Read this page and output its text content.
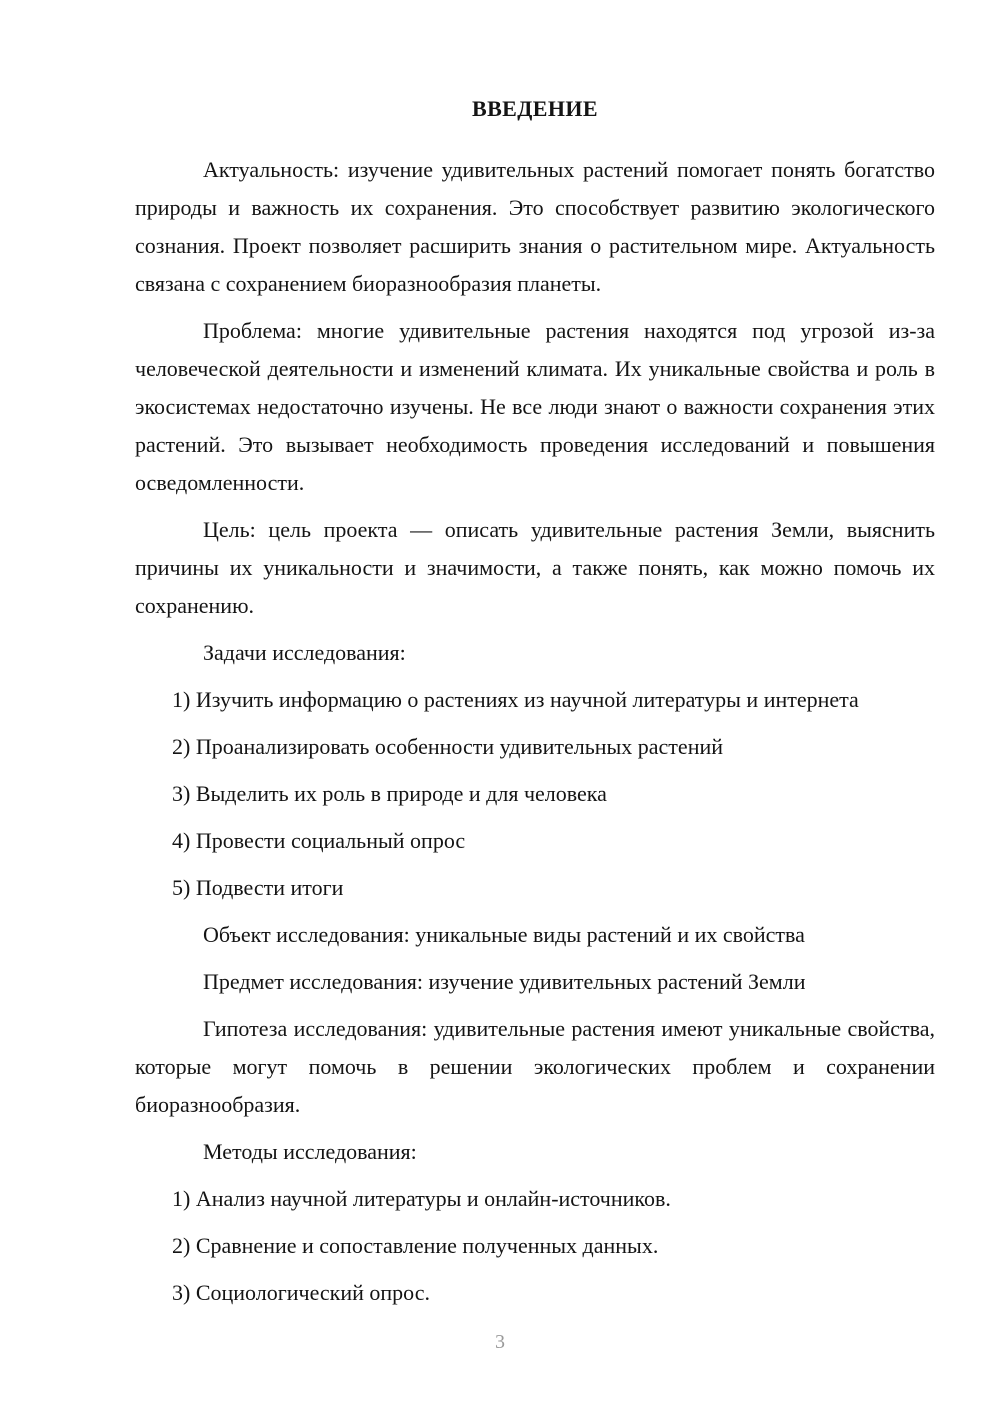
ВВЕДЕНИЕ

Актуальность: изучение удивительных растений помогает понять богатство природы и важность их сохранения. Это способствует развитию экологического сознания. Проект позволяет расширить знания о растительном мире. Актуальность связана с сохранением биоразнообразия планеты.

Проблема: многие удивительные растения находятся под угрозой из-за человеческой деятельности и изменений климата. Их уникальные свойства и роль в экосистемах недостаточно изучены. Не все люди знают о важности сохранения этих растений. Это вызывает необходимость проведения исследований и повышения осведомленности.

Цель: цель проекта — описать удивительные растения Земли, выяснить причины их уникальности и значимости, а также понять, как можно помочь их сохранению.

Задачи исследования:

1) Изучить информацию о растениях из научной литературы и интернета

2) Проанализировать особенности удивительных растений

3) Выделить их роль в природе и для человека

4) Провести социальный опрос

5) Подвести итоги

Объект исследования: уникальные виды растений и их свойства

Предмет исследования: изучение удивительных растений Земли

Гипотеза исследования: удивительные растения имеют уникальные свойства, которые могут помочь в решении экологических проблем и сохранении биоразнообразия.

Методы исследования:

1) Анализ научной литературы и онлайн-источников.

2) Сравнение и сопоставление полученных данных.

3) Социологический опрос.

3
